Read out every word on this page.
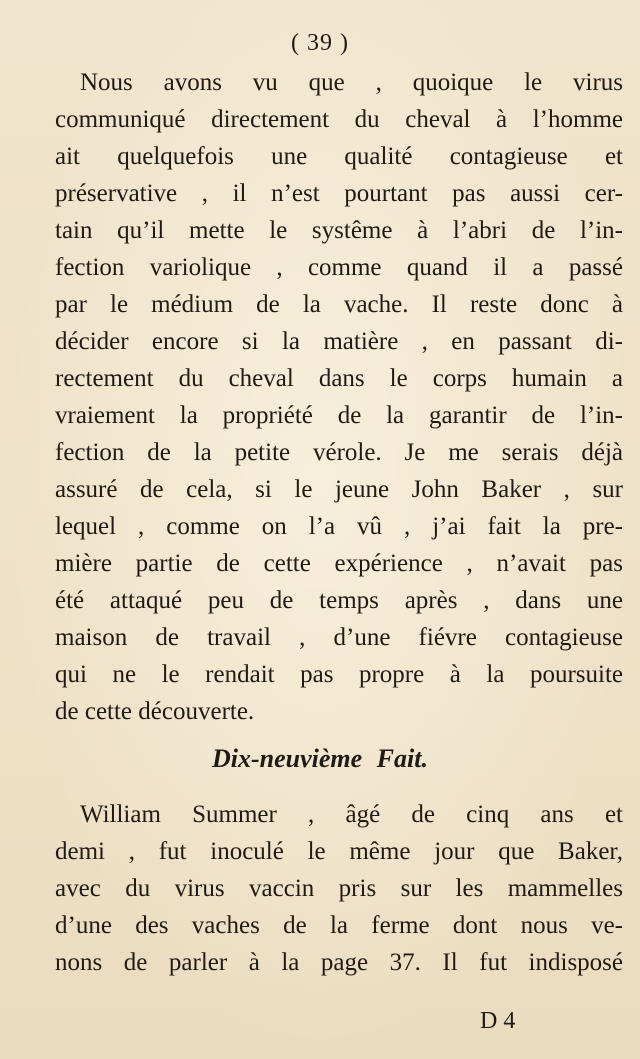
( 39 )
Nous avons vu que , quoique le virus
communiqué directement du cheval à l’homme
ait quelquefois une qualité contagieuse et
préservative , il n’est pourtant pas aussi cer-
tain qu’il mette le systême à l’abri de l’in-
fection variolique , comme quand il a passé
par le médium de la vache. Il reste donc à
décider encore si la matière , en passant di-
rectement du cheval dans le corps humain a
vraiement la propriété de la garantir de l’in-
fection de la petite vérole. Je me serais déjà
assuré de cela, si le jeune John Baker , sur
lequel , comme on l’a vû , j’ai fait la pre-
mière partie de cette expérience , n’avait pas
été attaqué peu de temps après , dans une
maison de travail , d’une fiévre contagieuse
qui ne le rendait pas propre à la poursuite
de cette découverte.
Dix-neuvième Fait.
William Summer , âgé de cinq ans et
demi , fut inoculé le même jour que Baker,
avec du virus vaccin pris sur les mammelles
d’une des vaches de la ferme dont nous ve-
nons de parler à la page 37. Il fut indisposé
D 4
